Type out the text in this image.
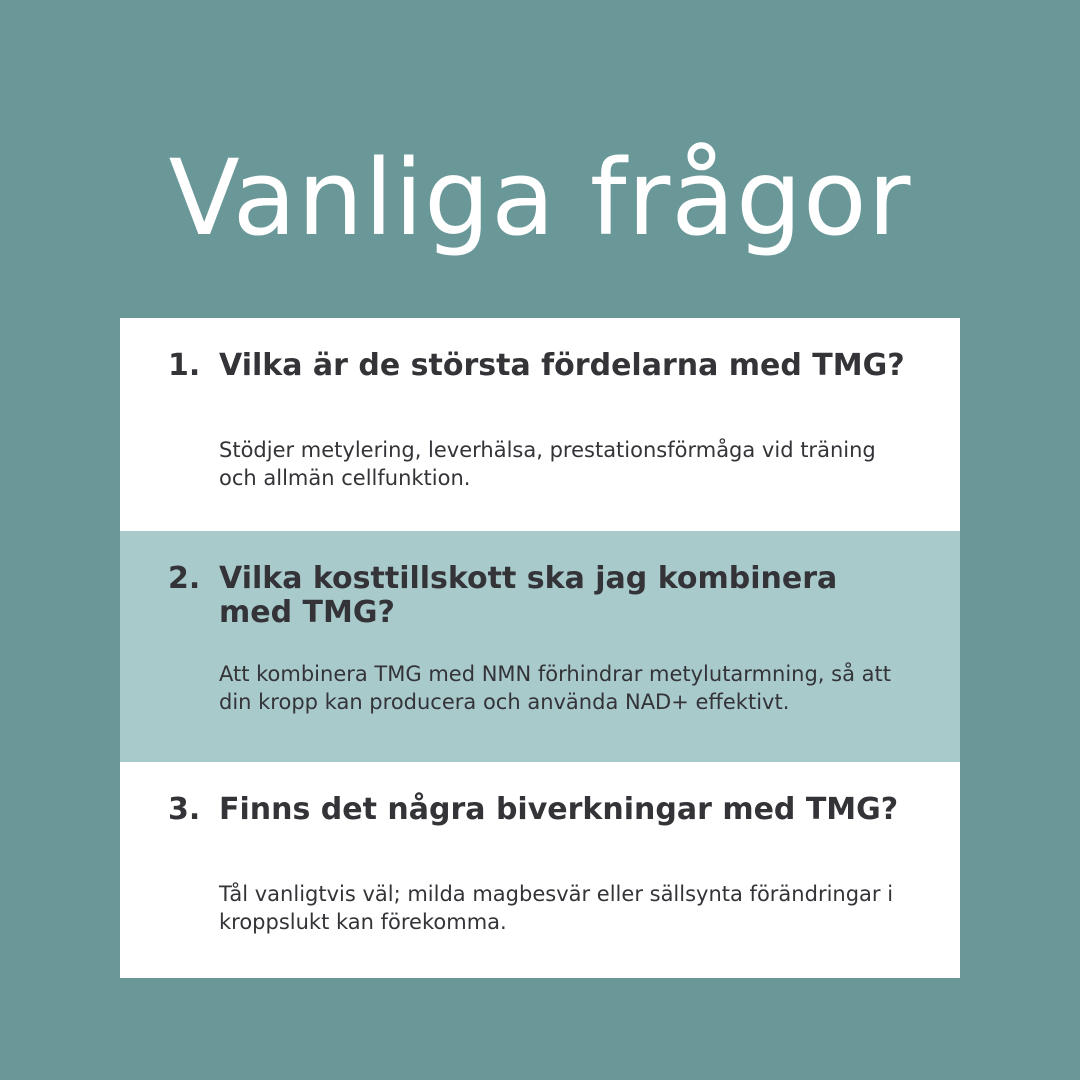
Vanliga frågor
1. Vilka är de största fördelarna med TMG?

Stödjer metylering, leverhälsa, prestationsförmåga vid träning och allmän cellfunktion.

2. Vilka kosttillskott ska jag kombinera med TMG?

Att kombinera TMG med NMN förhindrar metylutarmning, så att din kropp kan producera och använda NAD+ effektivt.

3. Finns det några biverkningar med TMG?

Tål vanligtvis väl; milda magbesvär eller sällsynta förändringar i kroppslukt kan förekomma.
